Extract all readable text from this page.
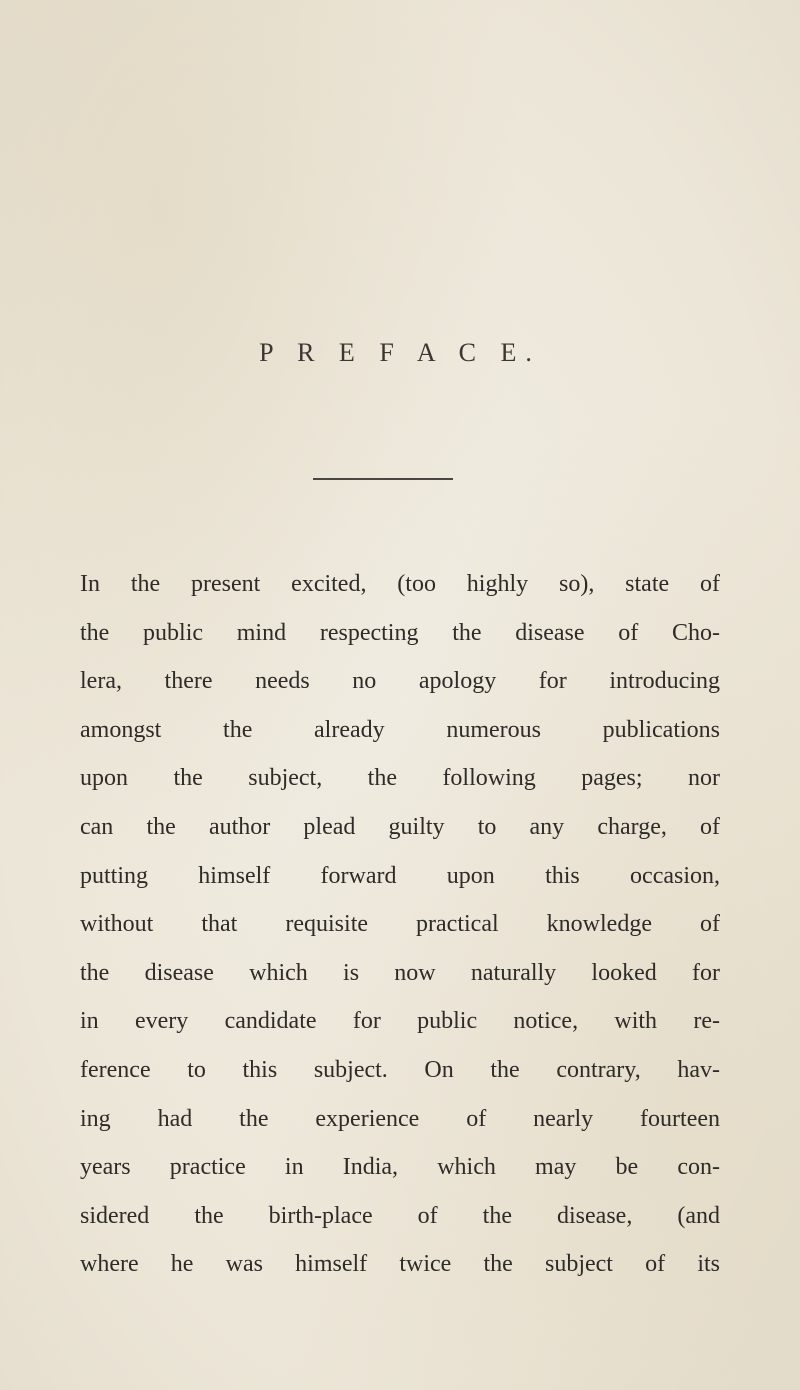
P R E F A C E.
In the present excited, (too highly so), state of
the public mind respecting the disease of Cho-
lera, there needs no apology for introducing
amongst the already numerous publications
upon the subject, the following pages; nor
can the author plead guilty to any charge, of
putting himself forward upon this occasion,
without that requisite practical knowledge of
the disease which is now naturally looked for
in every candidate for public notice, with re-
ference to this subject. On the contrary, hav-
ing had the experience of nearly fourteen
years practice in India, which may be con-
sidered the birth-place of the disease, (and
where he was himself twice the subject of its
